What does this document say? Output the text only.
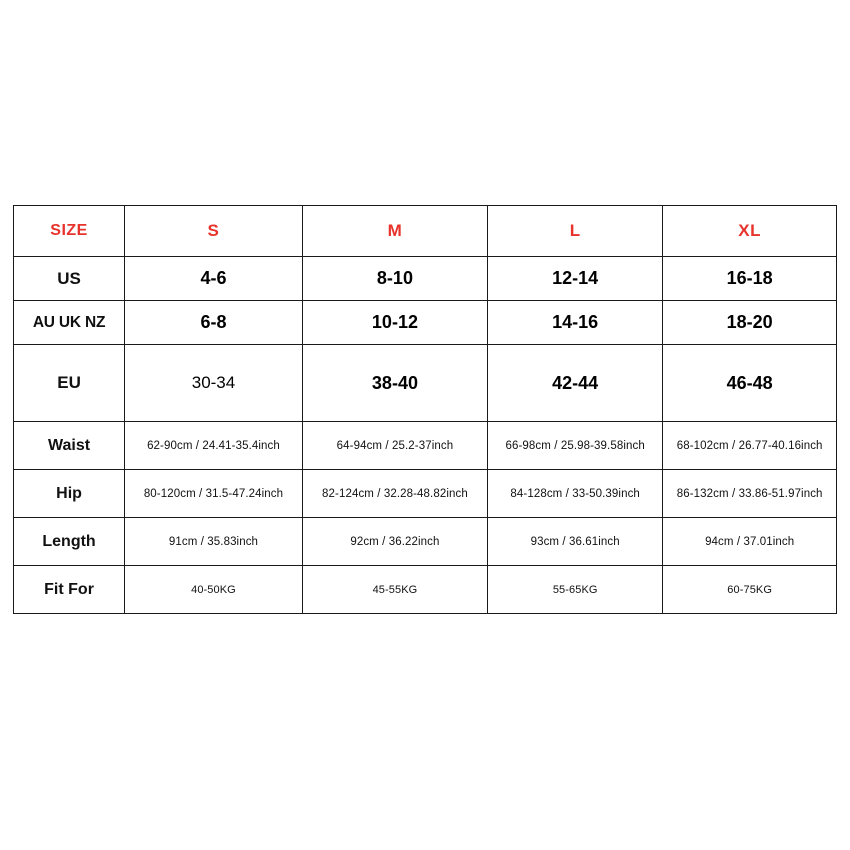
SIZE	S	M	L	XL
US	4-6	8-10	12-14	16-18
AU UK NZ	6-8	10-12	14-16	18-20
EU	30-34	38-40	42-44	46-48
Waist	62-90cm / 24.41-35.4inch	64-94cm / 25.2-37inch	66-98cm / 25.98-39.58inch	68-102cm / 26.77-40.16inch
Hip	80-120cm / 31.5-47.24inch	82-124cm / 32.28-48.82inch	84-128cm / 33-50.39inch	86-132cm / 33.86-51.97inch
Length	91cm / 35.83inch	92cm / 36.22inch	93cm / 36.61inch	94cm / 37.01inch
Fit For	40-50KG	45-55KG	55-65KG	60-75KG
